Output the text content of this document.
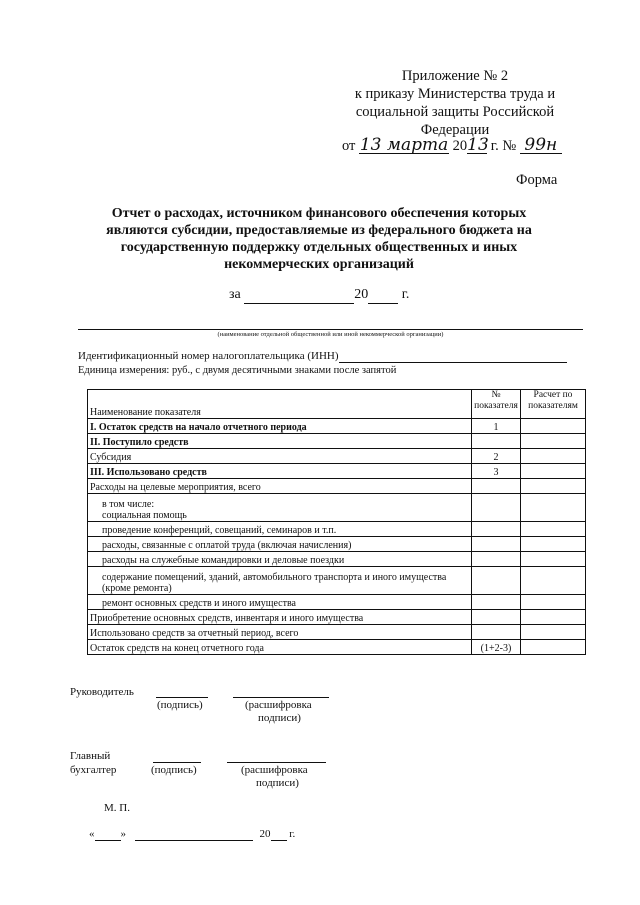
Приложение № 2
к приказу Министерства труда и
социальной защиты Российской
Федерации
от 13 марта 2013 г. № 99н
Форма
Отчет о расходах, источником финансового обеспечения которых являются субсидии, предоставляемые из федерального бюджета на государственную поддержку отдельных общественных и иных некоммерческих организаций
за	20 г.
(наименование отдельной общественной или иной некоммерческой организации)
Идентификационный номер налогоплательщика (ИНН)
Единица измерения: руб., с двумя десятичными знаками после запятой
Наименование показателя	№ показателя	Расчет по показателям
I. Остаток средств на начало отчетного периода	1	
II. Поступило средств		
Субсидия	2	
III. Использовано средств	3	
Расходы на целевые мероприятия, всего		
в том числе:
социальная помощь		
проведение конференций, совещаний, семинаров и т.п.		
расходы, связанные с оплатой труда (включая начисления)		
расходы на служебные командировки и деловые поездки		
содержание помещений, зданий, автомобильного транспорта и иного имущества (кроме ремонта)		
ремонт основных средств и иного имущества		
Приобретение основных средств, инвентаря и иного имущества		
Использовано средств за отчетный период, всего		
Остаток средств на конец отчетного года	(1+2-3)	
Руководитель
(подпись)	(расшифровка
подписи)
Главный
бухгалтер	(подпись)	(расшифровка
подписи)
М. П.
« »	20 г.
